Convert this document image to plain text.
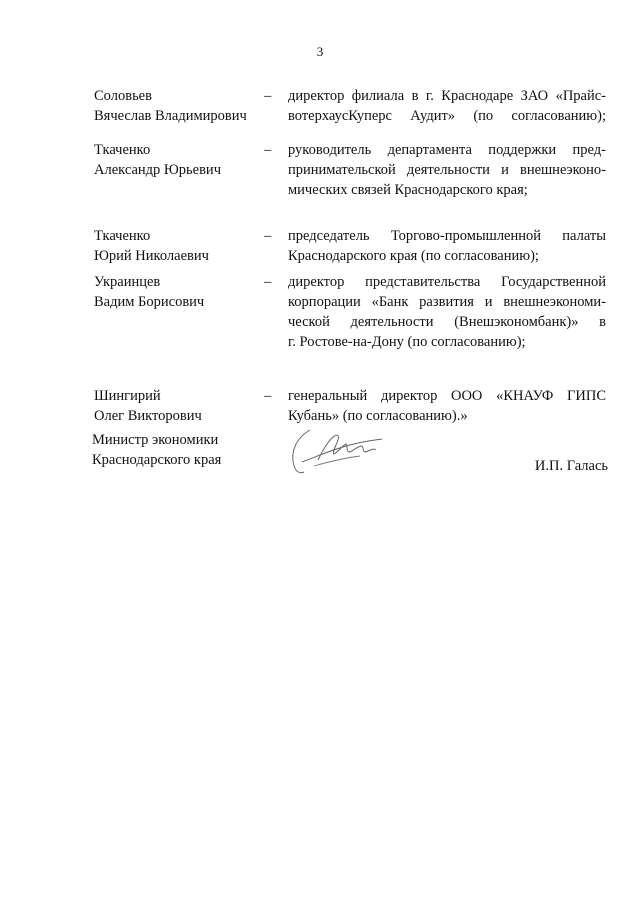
3
Соловьев
Вячеслав Владимирович
–	директор филиала в г. Краснодаре ЗАО «Прайс-
вотерхаусКуперс Аудит» (по согласованию);
Ткаченко
Александр Юрьевич
–	руководитель департамента поддержки пред-
принимательской деятельности и внешнеэконо-
мических связей Краснодарского края;
Ткаченко
Юрий Николаевич
–	председатель Торгово-промышленной палаты
Краснодарского края (по согласованию);
Украинцев
Вадим Борисович
–	директор представительства Государственной
корпорации «Банк развития и внешнеэкономи-
ческой деятельности (Внешэкономбанк)» в
г. Ростове-на-Дону (по согласованию);
Шингирий
Олег Викторович
–	генеральный директор ООО «КНАУФ ГИПС
Кубань» (по согласованию).»
Министр экономики
Краснодарского края	И.П. Галась
